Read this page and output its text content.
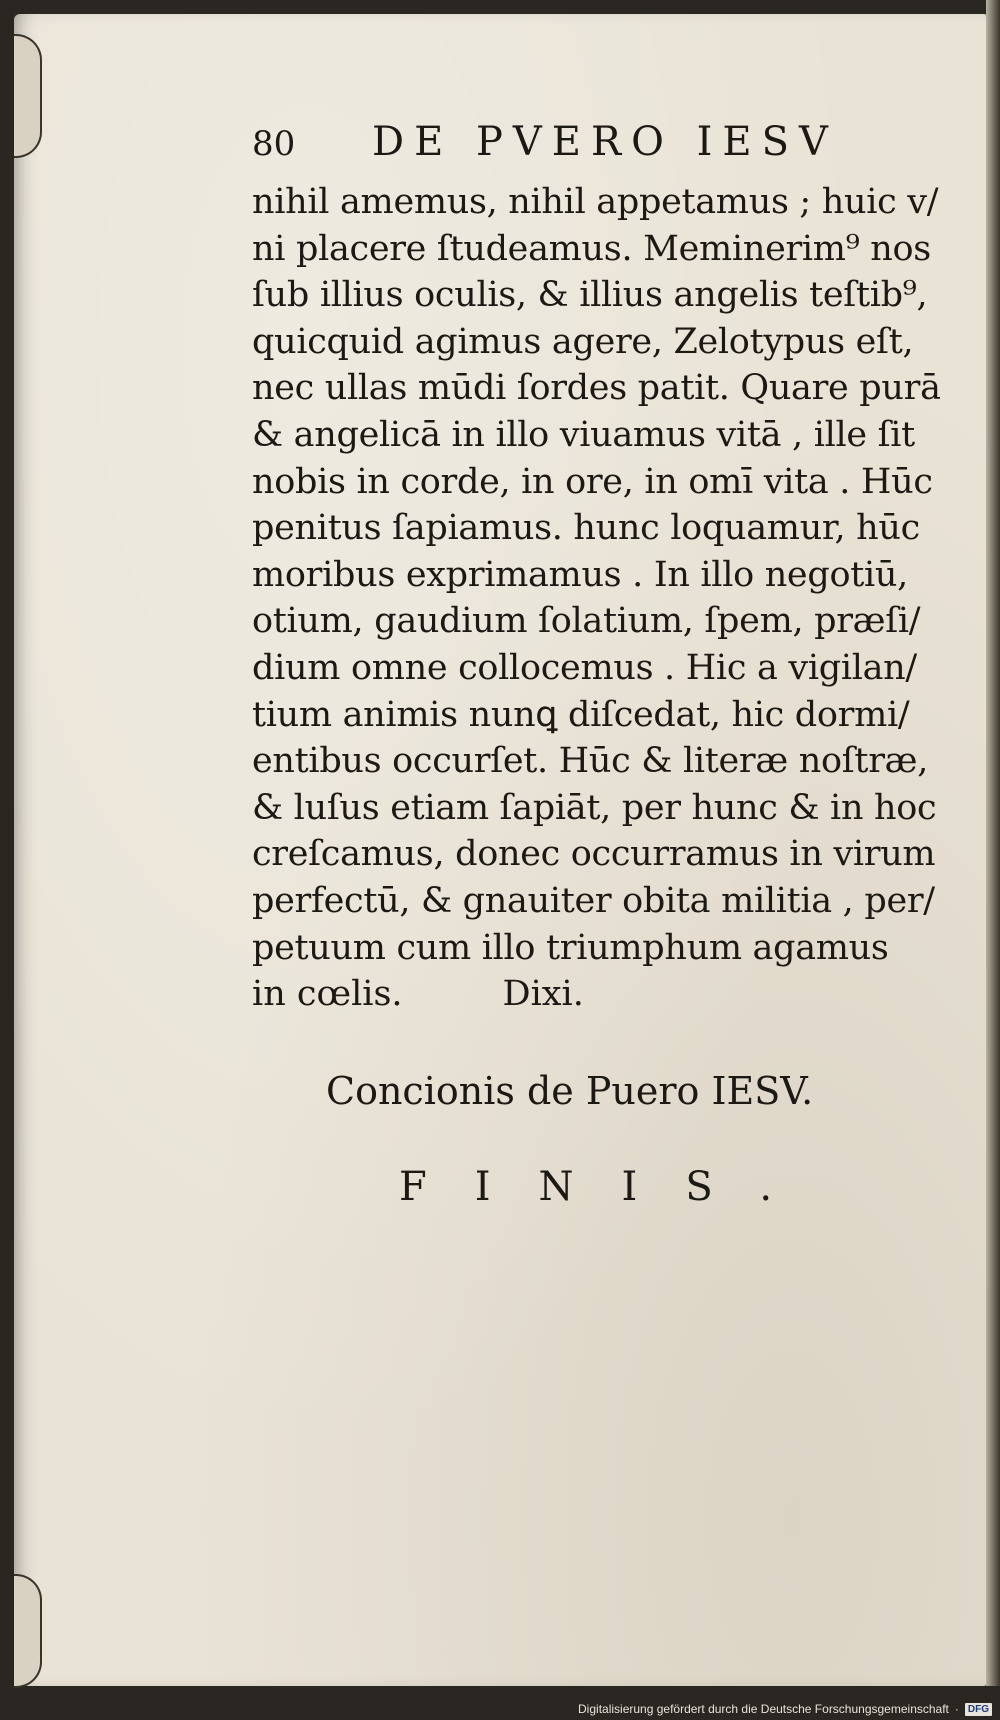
80	DE PVERO IESV
nihil amemus, nihil appetamus ; huic v/
ni placere ſtudeamus. Meminerim⁹ nos
ſub illius oculis, & illius angelis teſtib⁹,
quicquid agimus agere, Zelotypus eſt,
nec ullas mūdi ſordes patit. Quare purā
& angelicā in illo viuamus vitā , ille ſit
nobis in corde, in ore, in omī vita . Hūc
penitus ſapiamus. hunc loquamur, hūc
moribus exprimamus . In illo negotiū,
otium, gaudium ſolatium, ſpem, præſi/
dium omne collocemus . Hic a vigilan/
tium animis nunꝗ diſcedat, hic dormi/
entibus occurſet. Hūc & literæ noſtræ,
& luſus etiam ſapiāt, per hunc & in hoc
creſcamus, donec occurramus in virum
perfectū, & gnauiter obita militia , per/
petuum cum illo triumphum agamus
in cœlis.	Dixi.
Concionis de Puero IESV.
FINIS.
Digitalisierung gefördert durch die Deutsche Forschungsgemeinschaft · DFG
